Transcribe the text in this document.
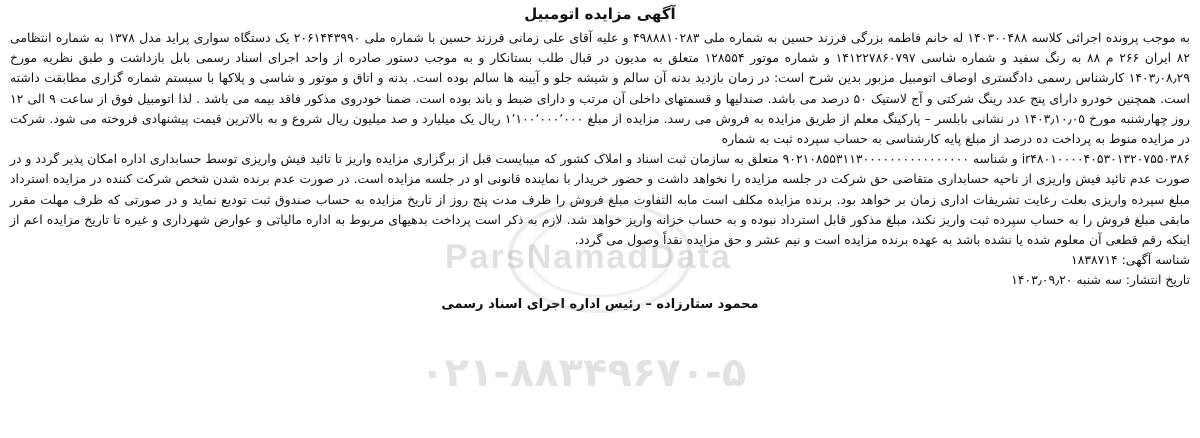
آگهی مزایده اتومبیل

به موجب پرونده اجرائی کلاسه ۱۴۰۳۰۰۴۸۸ له خانم فاطمه بزرگی فرزند حسین به شماره ملی ۴۹۸۸۸۱۰۲۸۳ و علیه آقای علی زمانی فرزند حسین با شماره ملی ۲۰۶۱۴۴۳۹۹۰ یک دستگاه سواری پراید مدل ۱۳۷۸ به شماره انتظامی ۸۲ ایران ۲۶۶ م ۸۸ به رنگ سفید و شماره شاسی ۱۴۱۲۲۷۸۶۰۷۹۷ و شماره موتور ۱۲۸۵۵۴ متعلق به مدیون در قبال طلب بستانکار و به موجب دستور صادره از واحد اجرای اسناد رسمی بابل بازداشت و طبق نظریه مورخ ۱۴۰۳٫۰۸٫۲۹ کارشناس رسمی دادگستری اوصاف اتومبیل مزبور بدین شرح است: در زمان بازدید بدنه آن سالم و شیشه جلو و آیینه ها سالم بوده است. بدنه و اتاق و موتور و شاسی و پلاکها با سیستم شماره گزاری مطابقت داشته است. همچنین خودرو دارای پنج عدد رینگ شرکتی و آج لاستیک ۵۰ درصد می باشد. صندلیها و قسمتهای داخلی آن مرتب و دارای ضبط و باند بوده است. ضمنا خودروی مذکور فاقد بیمه می باشد . لذا اتومبیل فوق از ساعت ۹ الی ۱۲ روز چهارشنبه مورخ ۱۴۰۳٫۱۰٫۰۵ در نشانی بابلسر – پارکینگ معلم از طریق مزایده به فروش می رسد. مزایده از مبلغ ۱٬۱۰۰٬۰۰۰٬۰۰۰ ریال یک میلیارد و صد میلیون ریال شروع و به بالاترین قیمت پیشنهادی فروخته می شود. شرکت در مزایده منوط به پرداخت ده درصد از مبلغ پایه کارشناسی به حساب سپرده ثبت به شماره

ir۴۸۰۱۰۰۰۰۴۰۵۳۰۱۳۲۰۷۵۵۰۳۸۶ و شناسه ۹۰۲۱۰۸۵۵۳۱۱۳۰۰۰۰۰۰۰۰۰۰۰۰۰۰۰۰ متعلق به سازمان ثبت اسناد و املاک کشور که میبایست قبل از برگزاری مزایده واریز تا تائید فیش واریزی توسط حسابداری اداره امکان پذیر گردد و در صورت عدم تائید فیش واریزی از ناحیه حسابداری متقاضی حق شرکت در جلسه مزایده را نخواهد داشت و حضور خریدار با نماینده قانونی او در جلسه مزایده است. در صورت عدم برنده شدن شخص شرکت کننده در مزایده استرداد مبلغ سپرده واریزی بعلت رعایت تشریفات اداری زمان بر خواهد بود. برنده مزایده مکلف است مابه التفاوت مبلغ فروش را ظرف مدت پنج روز از تاریخ مزایده به حساب صندوق ثبت تودیع نماید و در صورتی که ظرف مهلت مقرر مابقی مبلغ فروش را به حساب سپرده ثبت واریز نکند، مبلغ مذکور قابل استرداد نبوده و به حساب خزانه واریز خواهد شد. لازم به ذکر است پرداخت بدهیهای مربوط به اداره مالیاتی و عوارض شهرداری و غیره تا تاریخ مزایده اعم از اینکه رقم قطعی آن معلوم شده یا نشده باشد به عهده برنده مزایده است و نیم عشر و حق مزایده نقداً وصول می گردد.

شناسه آگهی: ۱۸۳۸۷۱۴
تاریخ انتشار: سه شنبه ۱۴۰۳٫۰۹٫۲۰
محمود ستارزاده – رئیس اداره اجرای اسناد رسمی
ParsNamadData
۰۲۱-۸۸۳۴۹۶۷۰-۵
